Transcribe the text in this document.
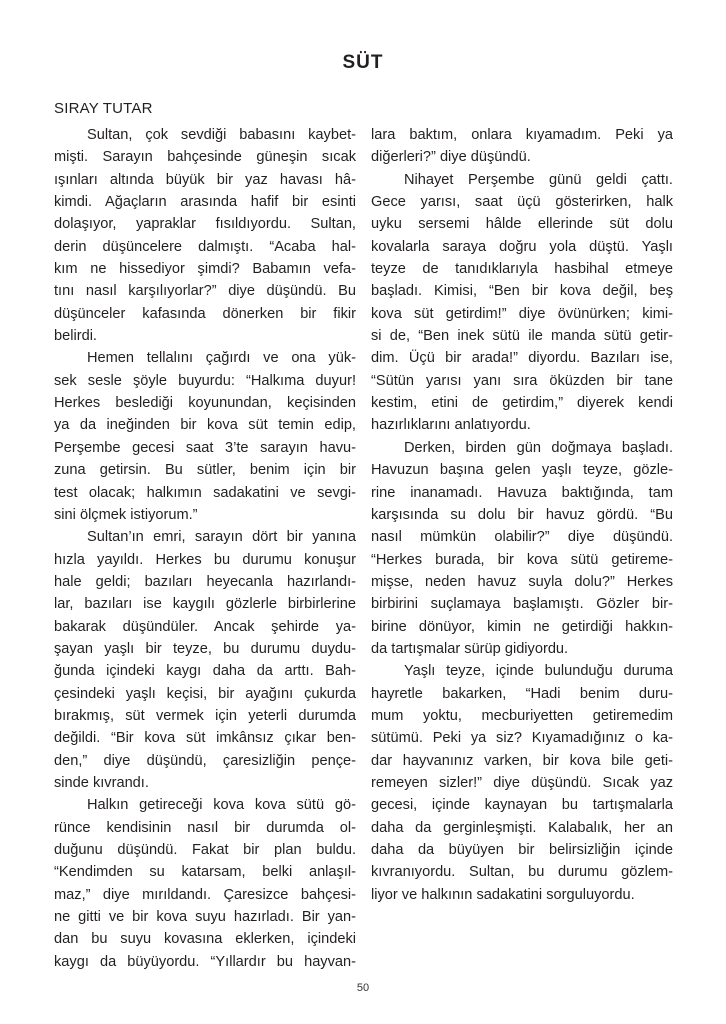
SÜT
SIRAY TUTAR
Sultan, çok sevdiği babasını kaybet-
mişti. Sarayın bahçesinde güneşin sıcak
ışınları altında büyük bir yaz havası hâ-
kimdi. Ağaçların arasında hafif bir esinti
dolaşıyor, yapraklar fısıldıyordu. Sultan,
derin düşüncelere dalmıştı. “Acaba hal-
kım ne hissediyor şimdi? Babamın vefa-
tını nasıl karşılıyorlar?” diye düşündü. Bu
düşünceler kafasında dönerken bir fikir
belirdi.
Hemen tellalını çağırdı ve ona yük-
sek sesle şöyle buyurdu: “Halkıma duyur!
Herkes beslediği koyunundan, keçisinden
ya da ineğinden bir kova süt temin edip,
Perşembe gecesi saat 3’te sarayın havu-
zuna getirsin. Bu sütler, benim için bir
test olacak; halkımın sadakatini ve sevgi-
sini ölçmek istiyorum.”
Sultan’ın emri, sarayın dört bir yanına
hızla yayıldı. Herkes bu durumu konuşur
hale geldi; bazıları heyecanla hazırlandı-
lar, bazıları ise kaygılı gözlerle birbirlerine
bakarak düşündüler. Ancak şehirde ya-
şayan yaşlı bir teyze, bu durumu duydu-
ğunda içindeki kaygı daha da arttı. Bah-
çesindeki yaşlı keçisi, bir ayağını çukurda
bırakmış, süt vermek için yeterli durumda
değildi. “Bir kova süt imkânsız çıkar ben-
den,” diye düşündü, çaresizliğin pençe-
sinde kıvrandı.
Halkın getireceği kova kova sütü gö-
rünce kendisinin nasıl bir durumda ol-
duğunu düşündü. Fakat bir plan buldu.
“Kendimden su katarsam, belki anlaşıl-
maz,” diye mırıldandı. Çaresizce bahçesi-
ne gitti ve bir kova suyu hazırladı. Bir yan-
dan bu suyu kovasına eklerken, içindeki
kaygı da büyüyordu. “Yıllardır bu hayvan-
lara baktım, onlara kıyamadım. Peki ya
diğerleri?” diye düşündü.
Nihayet Perşembe günü geldi çattı.
Gece yarısı, saat üçü gösterirken, halk
uyku sersemi hâlde ellerinde süt dolu
kovalarla saraya doğru yola düştü. Yaşlı
teyze de tanıdıklarıyla hasbihal etmeye
başladı. Kimisi, “Ben bir kova değil, beş
kova süt getirdim!” diye övünürken; kimi-
si de, “Ben inek sütü ile manda sütü getir-
dim. Üçü bir arada!” diyordu. Bazıları ise,
“Sütün yarısı yanı sıra öküzden bir tane
kestim, etini de getirdim,” diyerek kendi
hazırlıklarını anlatıyordu.
Derken, birden gün doğmaya başladı.
Havuzun başına gelen yaşlı teyze, gözle-
rine inanamadı. Havuza baktığında, tam
karşısında su dolu bir havuz gördü. “Bu
nasıl mümkün olabilir?” diye düşündü.
“Herkes burada, bir kova sütü getireme-
mişse, neden havuz suyla dolu?” Herkes
birbirini suçlamaya başlamıştı. Gözler bir-
birine dönüyor, kimin ne getirdiği hakkın-
da tartışmalar sürüp gidiyordu.
Yaşlı teyze, içinde bulunduğu duruma
hayretle bakarken, “Hadi benim duru-
mum yoktu, mecburiyetten getiremedim
sütümü. Peki ya siz? Kıyamadığınız o ka-
dar hayvanınız varken, bir kova bile geti-
remeyen sizler!” diye düşündü. Sıcak yaz
gecesi, içinde kaynayan bu tartışmalarla
daha da gerginleşmişti. Kalabalık, her an
daha da büyüyen bir belirsizliğin içinde
kıvranıyordu. Sultan, bu durumu gözlem-
liyor ve halkının sadakatini sorguluyordu.
50
